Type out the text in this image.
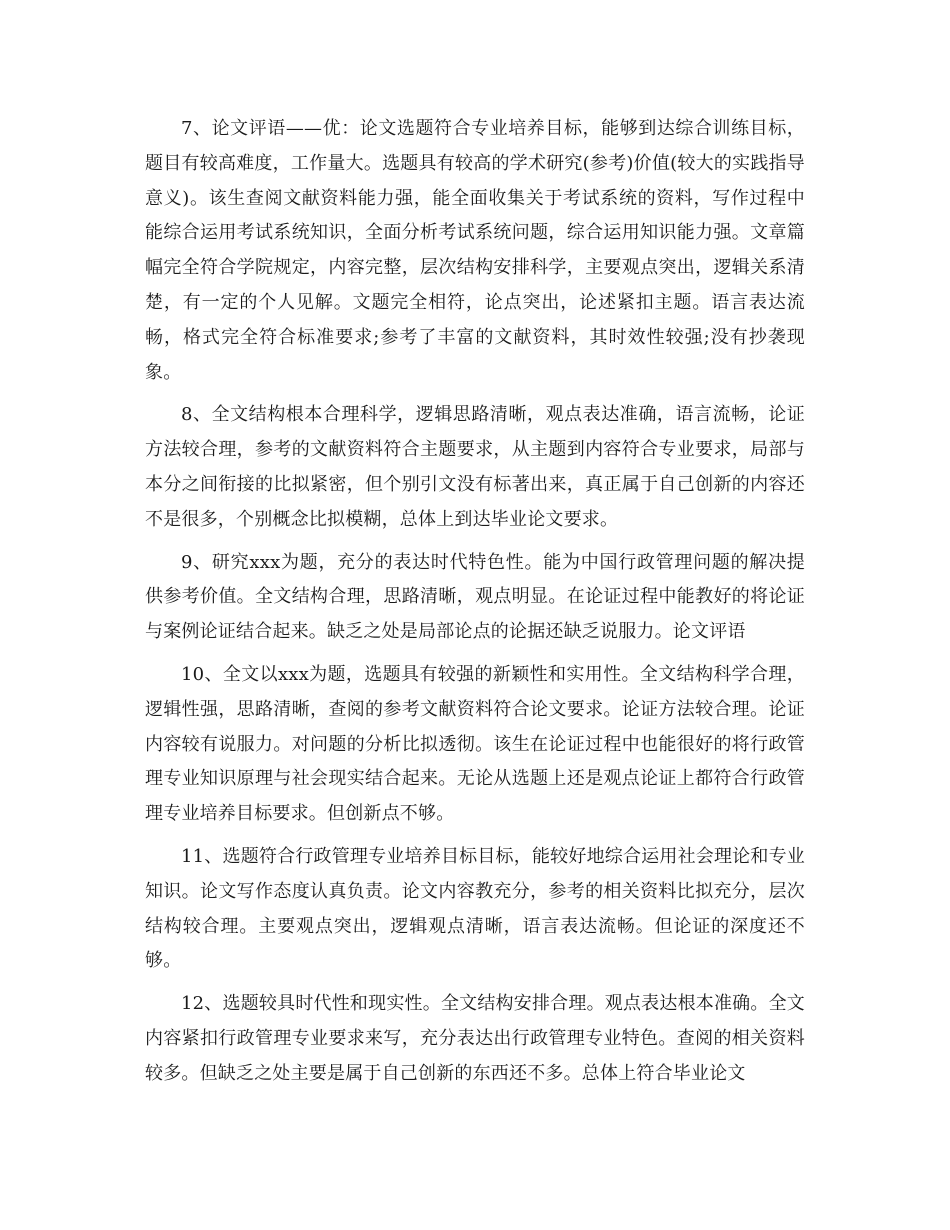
7、论文评语——优：论文选题符合专业培养目标，能够到达综合训练目标，题目有较高难度，工作量大。选题具有较高的学术研究(参考)价值(较大的实践指导意义)。该生查阅文献资料能力强，能全面收集关于考试系统的资料，写作过程中能综合运用考试系统知识，全面分析考试系统问题，综合运用知识能力强。文章篇幅完全符合学院规定，内容完整，层次结构安排科学，主要观点突出，逻辑关系清楚，有一定的个人见解。文题完全相符，论点突出，论述紧扣主题。语言表达流畅，格式完全符合标准要求;参考了丰富的文献资料，其时效性较强;没有抄袭现象。

8、全文结构根本合理科学，逻辑思路清晰，观点表达准确，语言流畅，论证方法较合理，参考的文献资料符合主题要求，从主题到内容符合专业要求，局部与本分之间衔接的比拟紧密，但个别引文没有标著出来，真正属于自己创新的内容还不是很多，个别概念比拟模糊，总体上到达毕业论文要求。

9、研究xxx为题，充分的表达时代特色性。能为中国行政管理问题的解决提供参考价值。全文结构合理，思路清晰，观点明显。在论证过程中能教好的将论证与案例论证结合起来。缺乏之处是局部论点的论据还缺乏说服力。论文评语

10、全文以xxx为题，选题具有较强的新颖性和实用性。全文结构科学合理，逻辑性强，思路清晰，查阅的参考文献资料符合论文要求。论证方法较合理。论证内容较有说服力。对问题的分析比拟透彻。该生在论证过程中也能很好的将行政管理专业知识原理与社会现实结合起来。无论从选题上还是观点论证上都符合行政管理专业培养目标要求。但创新点不够。

11、选题符合行政管理专业培养目标目标，能较好地综合运用社会理论和专业知识。论文写作态度认真负责。论文内容教充分，参考的相关资料比拟充分，层次结构较合理。主要观点突出，逻辑观点清晰，语言表达流畅。但论证的深度还不够。

12、选题较具时代性和现实性。全文结构安排合理。观点表达根本准确。全文内容紧扣行政管理专业要求来写，充分表达出行政管理专业特色。查阅的相关资料较多。但缺乏之处主要是属于自己创新的东西还不多。总体上符合毕业论文
